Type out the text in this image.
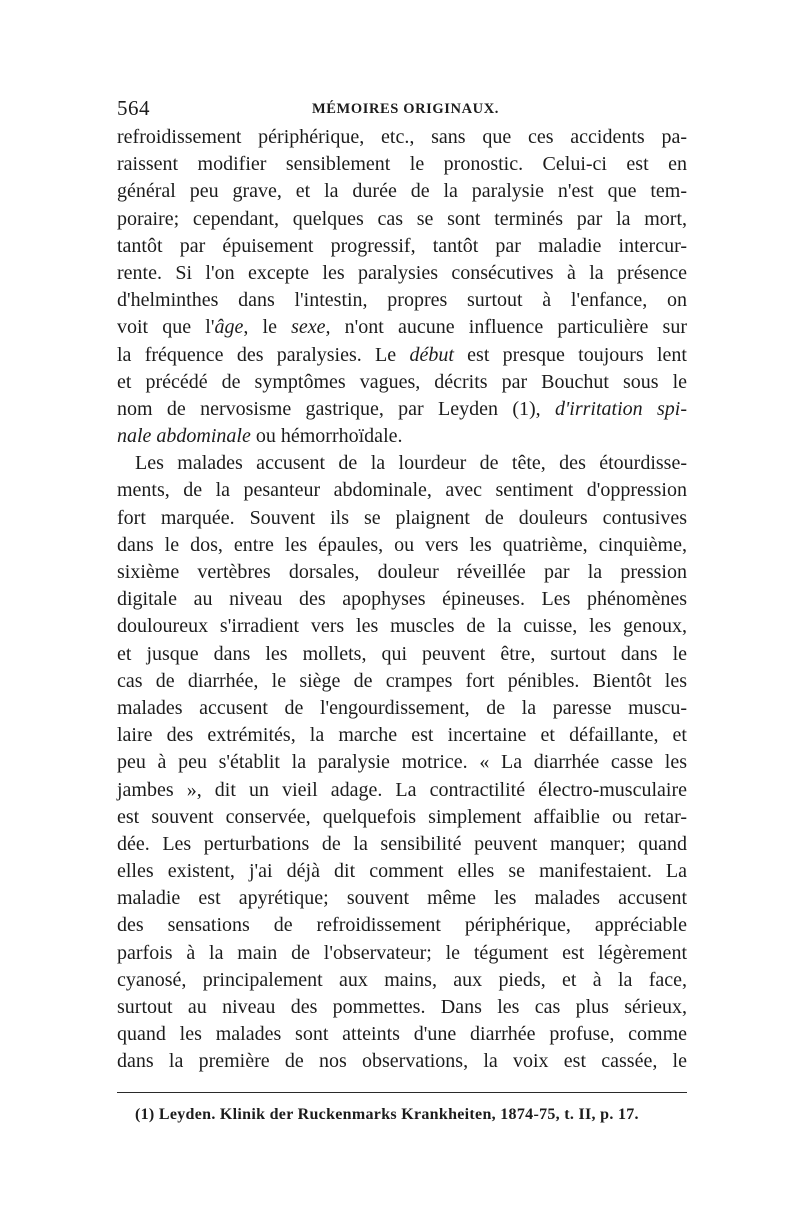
564	MÉMOIRES ORIGINAUX.
refroidissement périphérique, etc., sans que ces accidents pa-
raissent modifier sensiblement le pronostic. Celui-ci est en
général peu grave, et la durée de la paralysie n'est que tem-
poraire; cependant, quelques cas se sont terminés par la mort,
tantôt par épuisement progressif, tantôt par maladie intercur-
rente. Si l'on excepte les paralysies consécutives à la présence
d'helminthes dans l'intestin, propres surtout à l'enfance, on
voit que l'âge, le sexe, n'ont aucune influence particulière sur
la fréquence des paralysies. Le début est presque toujours lent
et précédé de symptômes vagues, décrits par Bouchut sous le
nom de nervosisme gastrique, par Leyden (1), d'irritation spi-
nale abdominale ou hémorrhoïdale.
Les malades accusent de la lourdeur de tête, des étourdisse-
ments, de la pesanteur abdominale, avec sentiment d'oppression
fort marquée. Souvent ils se plaignent de douleurs contusives
dans le dos, entre les épaules, ou vers les quatrième, cinquième,
sixième vertèbres dorsales, douleur réveillée par la pression
digitale au niveau des apophyses épineuses. Les phénomènes
douloureux s'irradient vers les muscles de la cuisse, les genoux,
et jusque dans les mollets, qui peuvent être, surtout dans le
cas de diarrhée, le siège de crampes fort pénibles. Bientôt les
malades accusent de l'engourdissement, de la paresse muscu-
laire des extrémités, la marche est incertaine et défaillante, et
peu à peu s'établit la paralysie motrice. « La diarrhée casse les
jambes », dit un vieil adage. La contractilité électro-musculaire
est souvent conservée, quelquefois simplement affaiblie ou retar-
dée. Les perturbations de la sensibilité peuvent manquer; quand
elles existent, j'ai déjà dit comment elles se manifestaient. La
maladie est apyrétique; souvent même les malades accusent
des sensations de refroidissement périphérique, appréciable
parfois à la main de l'observateur; le tégument est légèrement
cyanosé, principalement aux mains, aux pieds, et à la face,
surtout au niveau des pommettes. Dans les cas plus sérieux,
quand les malades sont atteints d'une diarrhée profuse, comme
dans la première de nos observations, la voix est cassée, le
(1) Leyden. Klinik der Ruckenmarks Krankheiten, 1874-75, t. II, p. 17.
